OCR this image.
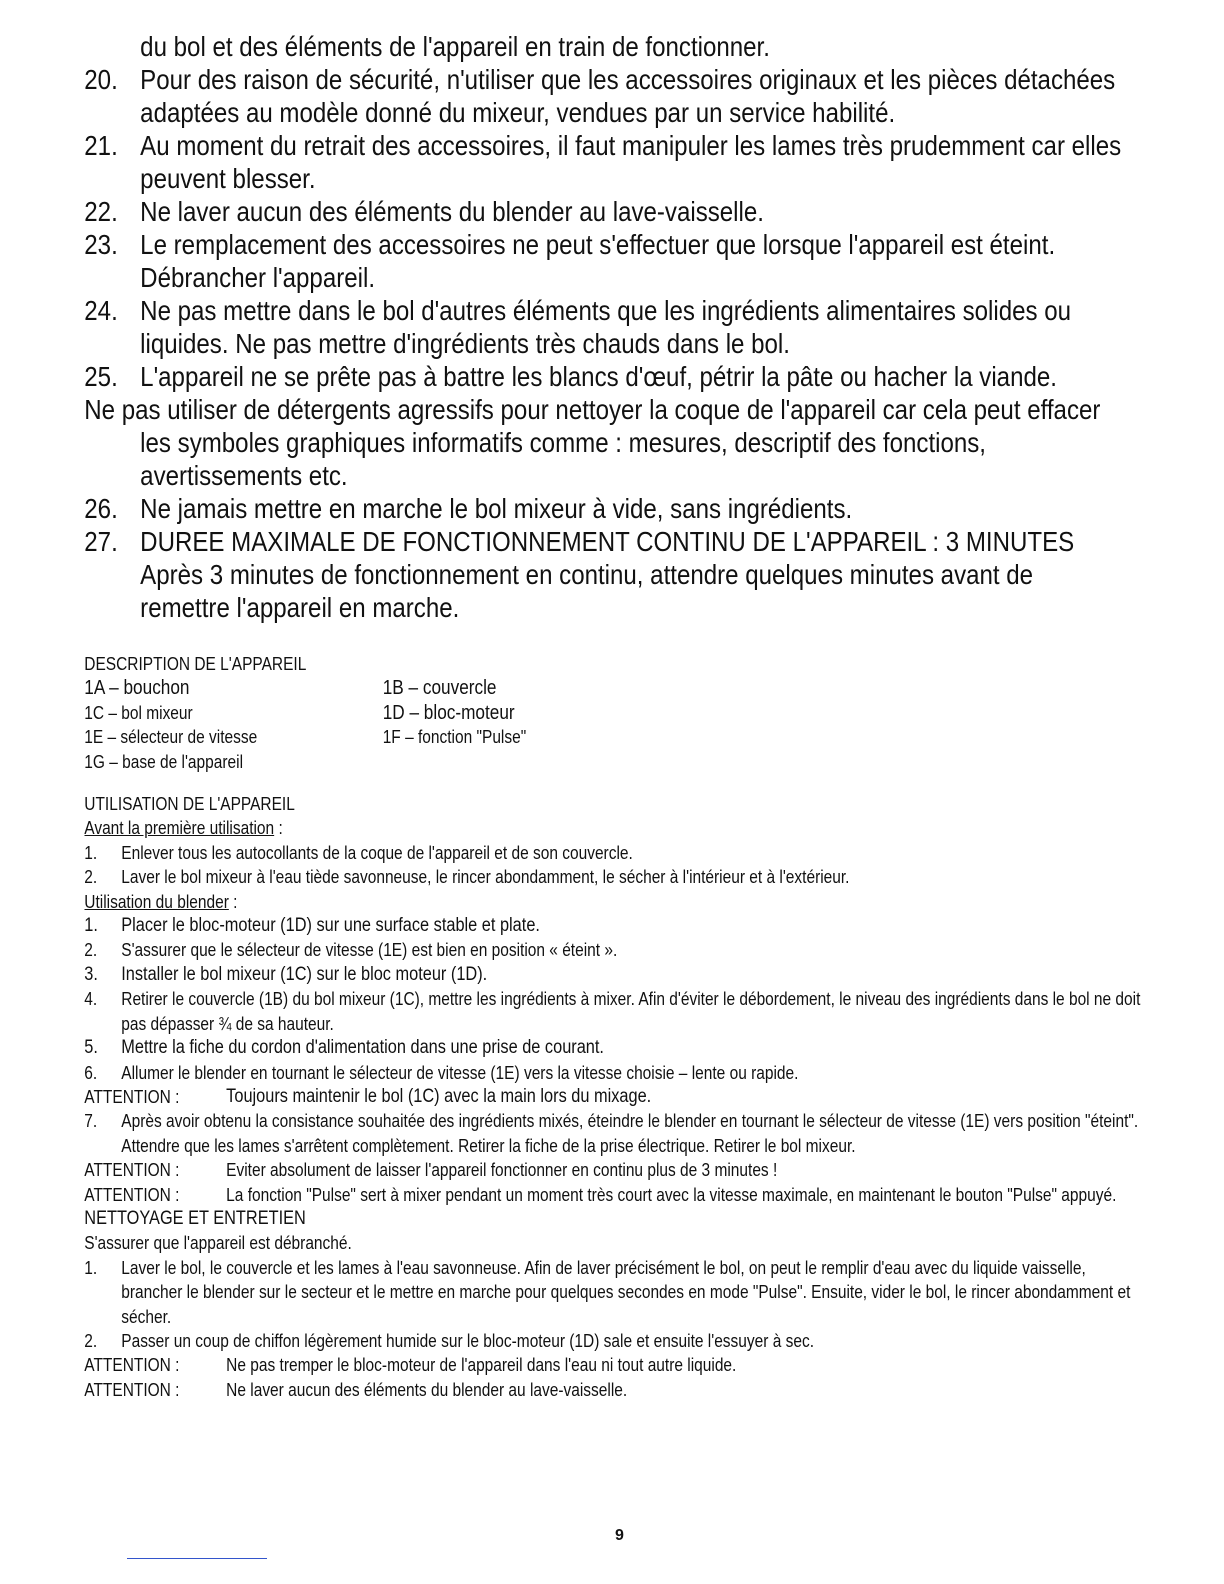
du bol et des éléments de l'appareil en train de fonctionner.
20. Pour des raison de sécurité, n'utiliser que les accessoires originaux et les pièces détachées adaptées au modèle donné du mixeur, vendues par un service habilité.
21. Au moment du retrait des accessoires, il faut manipuler les lames très prudemment car elles peuvent blesser.
22. Ne laver aucun des éléments du blender au lave-vaisselle.
23. Le remplacement des accessoires ne peut s'effectuer que lorsque l'appareil est éteint. Débrancher l'appareil.
24. Ne pas mettre dans le bol d'autres éléments que les ingrédients alimentaires solides ou liquides. Ne pas mettre d'ingrédients très chauds dans le bol.
25. L'appareil ne se prête pas à battre les blancs d'œuf, pétrir la pâte ou hacher la viande.
Ne pas utiliser de détergents agressifs pour nettoyer la coque de l'appareil car cela peut effacer les symboles graphiques informatifs comme : mesures, descriptif des fonctions, avertissements etc.
26. Ne jamais mettre en marche le bol mixeur à vide, sans ingrédients.
27. DUREE MAXIMALE DE FONCTIONNEMENT CONTINU DE L'APPAREIL : 3 MINUTES Après 3 minutes de fonctionnement en continu, attendre quelques minutes avant de remettre l'appareil en marche.
DESCRIPTION DE L'APPAREIL
1A – bouchon	1B – couvercle
1C – bol mixeur	1D – bloc-moteur
1E – sélecteur de vitesse	1F – fonction "Pulse"
1G – base de l'appareil
UTILISATION DE L'APPAREIL
Avant la première utilisation :
1.	Enlever tous les autocollants de la coque de l'appareil et de son couvercle.
2.	Laver le bol mixeur à l'eau tiède savonneuse, le rincer abondamment, le sécher à l'intérieur et à l'extérieur.
Utilisation du blender :
1.	Placer le bloc-moteur (1D) sur une surface stable et plate.
2.	S'assurer que le sélecteur de vitesse (1E) est bien en position « éteint ».
3.	Installer le bol mixeur (1C) sur le bloc moteur (1D).
4.	Retirer le couvercle (1B) du bol mixeur (1C), mettre les ingrédients à mixer. Afin d'éviter le débordement, le niveau des ingrédients dans le bol ne doit pas dépasser ¾ de sa hauteur.
5.	Mettre la fiche du cordon d'alimentation dans une prise de courant.
6.	Allumer le blender en tournant le sélecteur de vitesse (1E) vers la vitesse choisie – lente ou rapide.
ATTENTION :	Toujours maintenir le bol (1C) avec la main lors du mixage.
7.	Après avoir obtenu la consistance souhaitée des ingrédients mixés, éteindre le blender en tournant le sélecteur de vitesse (1E) vers position "éteint". Attendre que les lames s'arrêtent complètement. Retirer la fiche de la prise électrique. Retirer le bol mixeur.
ATTENTION :	Eviter absolument de laisser l'appareil fonctionner en continu plus de 3 minutes !
ATTENTION :	La fonction "Pulse" sert à mixer pendant un moment très court avec la vitesse maximale, en maintenant le bouton "Pulse" appuyé.
NETTOYAGE ET ENTRETIEN
S'assurer que l'appareil est débranché.
1.	Laver le bol, le couvercle et les lames à l'eau savonneuse. Afin de laver précisément le bol, on peut le remplir d'eau avec du liquide vaisselle, brancher le blender sur le secteur et le mettre en marche pour quelques secondes en mode "Pulse". Ensuite, vider le bol, le rincer abondamment et sécher.
2.	Passer un coup de chiffon légèrement humide sur le bloc-moteur (1D) sale et ensuite l'essuyer à sec.
ATTENTION :	Ne pas tremper le bloc-moteur de l'appareil dans l'eau ni tout autre liquide.
ATTENTION :	Ne laver aucun des éléments du blender au lave-vaisselle.
9
